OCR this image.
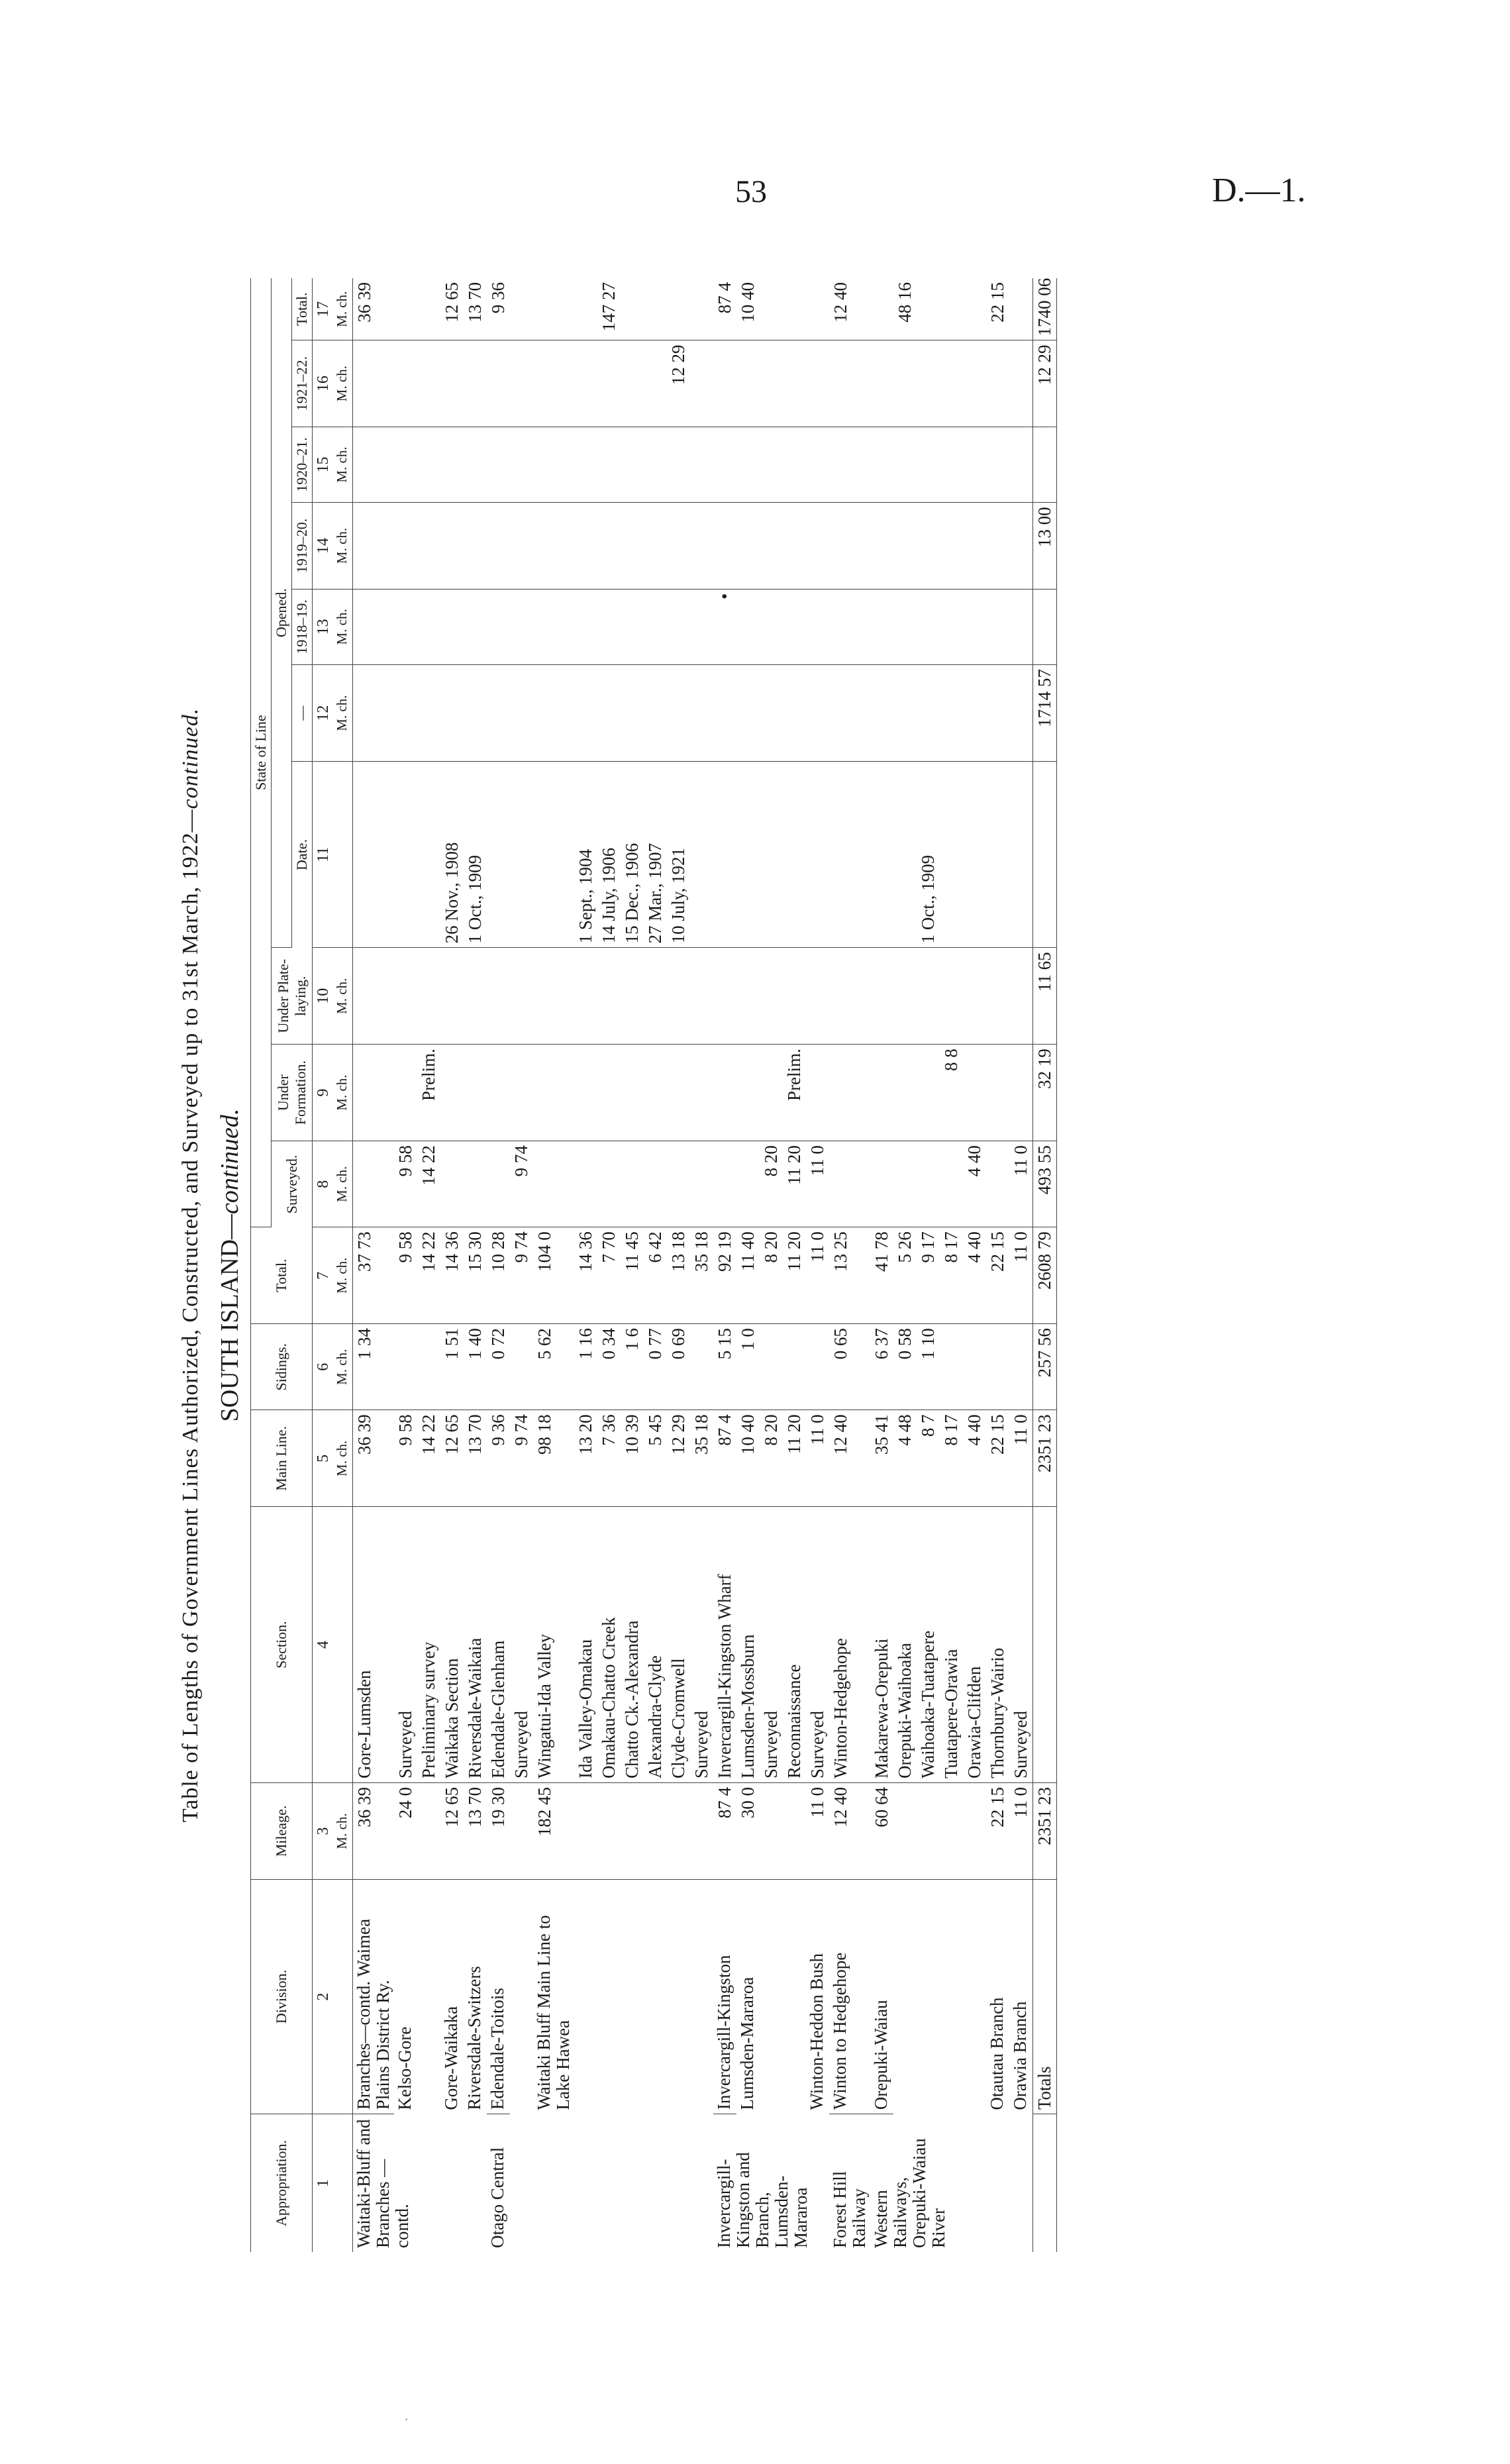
53	D.—1.
Table of Lengths of Government Lines Authorized, Constructed, and Surveyed up to 31st March, 1922—continued.
SOUTH ISLAND—continued.
Appropriation.	Division.	Mileage.	Section.	Main Line.	Sidings.	Total.	State of Line									
							Surveyed.	Under Formation.	Under Plate-laying.	Opened.						
										Date.	—	1918–19.	1919–20.	1920–21.	1921–22.	Total.
1	2	3 M. ch.	4	5 M. ch.	6 M. ch.	7 M. ch.	8 M. ch.	9 M. ch.	10 M. ch.	11	12 M. ch.	13 M. ch.	14 M. ch.	15 M. ch.	16 M. ch.	17 M. ch.

Waitaki-Bluff and Branches —contd.	Branches—contd. Waimea Plains District Ry.	36 39	Gore-Lumsden	36 39	1 34	37 73										36 39
	Kelso-Gore	24 0	Surveyed	9 58		9 58	9 58									
			Preliminary survey	14 22		14 22	14 22	Prelim.								
	Gore-Waikaka	12 65	Waikaka Section	12 65	1 51	14 36				26 Nov., 1908						12 65
	Riversdale-Switzers	13 70	Riversdale-Waikaia	13 70	1 40	15 30				1 Oct., 1909						13 70
Otago Central	Edendale-Toitois	19 30	Edendale-Glenham	9 36	0 72	10 28										9 36
			Surveyed	9 74		9 74	9 74									
	Waitaki Bluff Main Line to Lake Hawea	182 45	Wingatui-Ida Valley	98 18	5 62	104 0										
			Ida Valley-Omakau	13 20	1 16	14 36				1 Sept., 1904						
			Omakau-Chatto Creek	7 36	0 34	7 70				14 July, 1906						147 27
			Chatto Ck.-Alexandra	10 39	1 6	11 45				15 Dec., 1906						
			Alexandra-Clyde	5 45	0 77	6 42				27 Mar., 1907						
			Clyde-Cromwell	12 29	0 69	13 18				10 July, 1921					12 29	
			Surveyed	35 18		35 18										
Invercargill-Kingston and Branch, Lumsden-Mararoa	Invercargill-Kingston	87 4	Invercargill-Kingston Wharf	87 4	5 15	92 19						•				87 4
	Lumsden-Mararoa	30 0	Lumsden-Mossburn	10 40	1 0	11 40										10 40
			Surveyed	8 20		8 20	8 20									
			Reconnaissance	11 20		11 20	11 20	Prelim.								
	Winton-Heddon Bush	11 0	Surveyed	11 0		11 0	11 0									
Forest Hill Railway	Winton to Hedgehope	12 40	Winton-Hedgehope	12 40	0 65	13 25										12 40
Western Railways, Orepuki-Waiau River	Orepuki-Waiau	60 64	Makarewa-Orepuki	35 41	6 37	41 78										
			Orepuki-Waihoaka	4 48	0 58	5 26										48 16
			Waihoaka-Tuatapere	8 7	1 10	9 17				1 Oct., 1909						
			Tuatapere-Orawia	8 17		8 17		8 8								
			Orawia-Clifden	4 40		4 40	4 40									
	Otautau Branch	22 15	Thornbury-Wairio	22 15		22 15										22 15
	Orawia Branch	11 0	Surveyed	11 0		11 0	11 0									
	Totals	2351 23		2351 23	257 56	2608 79	493 55	32 19	11 65		1714 57		13 00		12 29	1740 06
·
